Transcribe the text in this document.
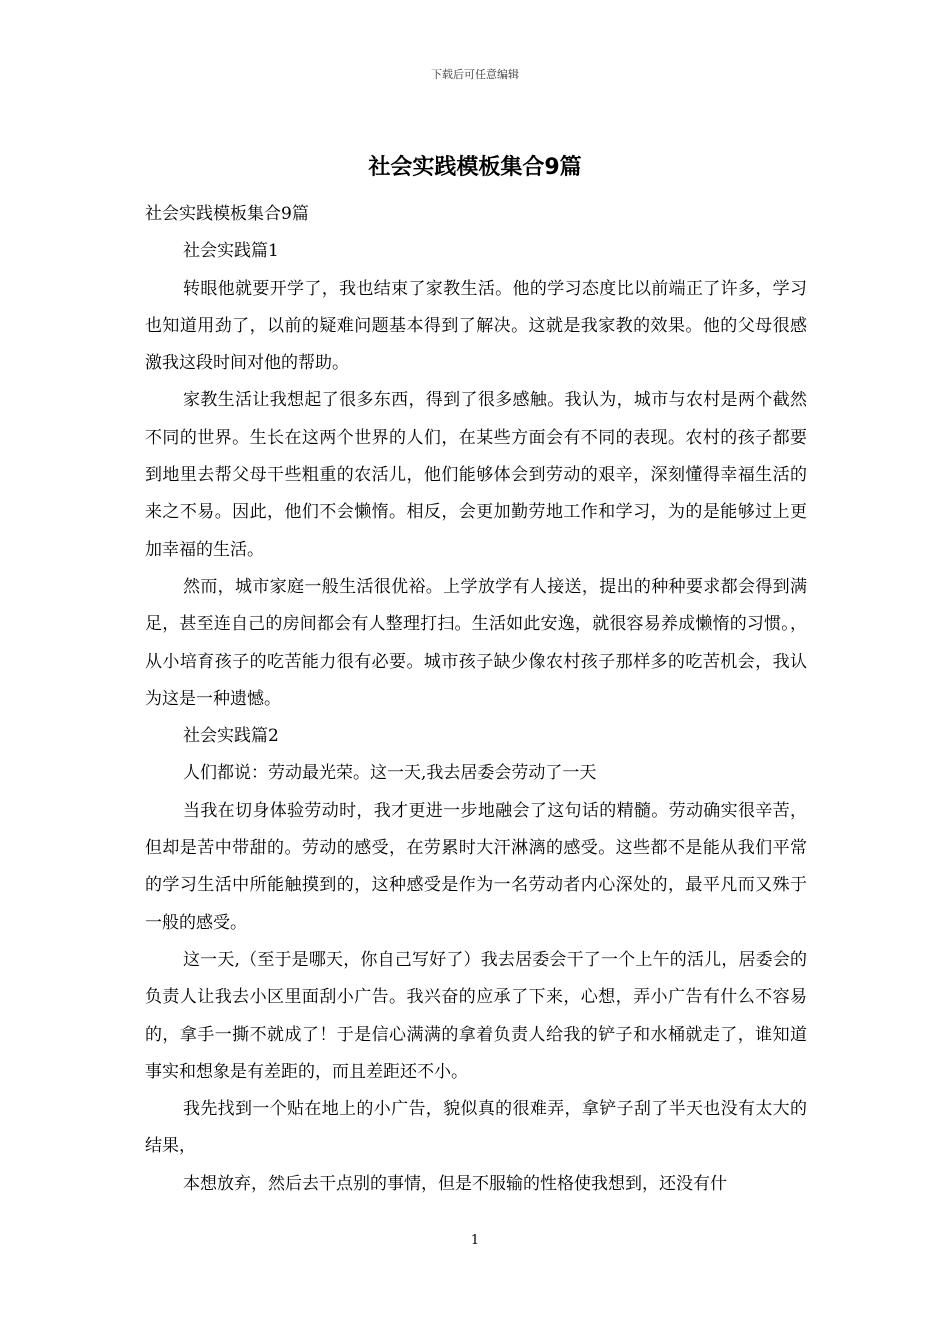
下载后可任意编辑
社会实践模板集合9篇

社会实践模板集合9篇

社会实践篇1

转眼他就要开学了，我也结束了家教生活。他的学习态度比以前端正了许多，学习也知道用劲了，以前的疑难问题基本得到了解决。这就是我家教的效果。他的父母很感激我这段时间对他的帮助。

家教生活让我想起了很多东西，得到了很多感触。我认为，城市与农村是两个截然不同的世界。生长在这两个世界的人们，在某些方面会有不同的表现。农村的孩子都要到地里去帮父母干些粗重的农活儿，他们能够体会到劳动的艰辛，深刻懂得幸福生活的来之不易。因此，他们不会懒惰。相反，会更加勤劳地工作和学习，为的是能够过上更加幸福的生活。

然而，城市家庭一般生活很优裕。上学放学有人接送，提出的种种要求都会得到满足，甚至连自己的房间都会有人整理打扫。生活如此安逸，就很容易养成懒惰的习惯。，从小培育孩子的吃苦能力很有必要。城市孩子缺少像农村孩子那样多的吃苦机会，我认为这是一种遗憾。

社会实践篇2

人们都说：劳动最光荣。这一天,我去居委会劳动了一天

当我在切身体验劳动时，我才更进一步地融会了这句话的精髓。劳动确实很辛苦，但却是苦中带甜的。劳动的感受，在劳累时大汗淋漓的感受。这些都不是能从我们平常的学习生活中所能触摸到的，这种感受是作为一名劳动者内心深处的，最平凡而又殊于一般的感受。

这一天,（至于是哪天，你自己写好了）我去居委会干了一个上午的活儿，居委会的负责人让我去小区里面刮小广告。我兴奋的应承了下来，心想，弄小广告有什么不容易的，拿手一撕不就成了！于是信心满满的拿着负责人给我的铲子和水桶就走了，谁知道事实和想象是有差距的，而且差距还不小。

我先找到一个贴在地上的小广告，貌似真的很难弄，拿铲子刮了半天也没有太大的结果，

本想放弃，然后去干点别的事情，但是不服输的性格使我想到，还没有什

1
